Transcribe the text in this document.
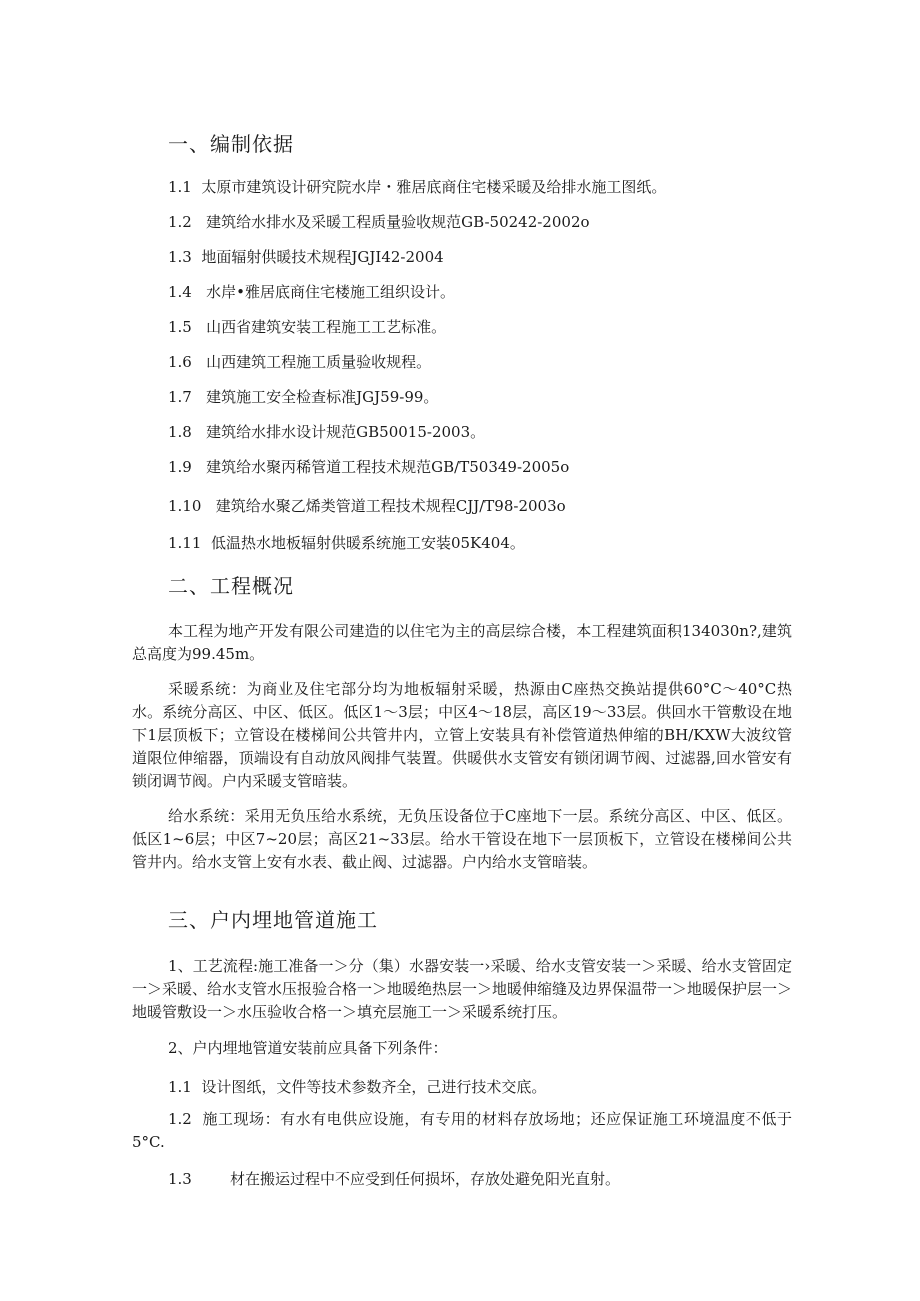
一、编制依据
1.1 太原市建筑设计研究院水岸・雅居底商住宅楼采暖及给排水施工图纸。
1.2 建筑给水排水及采暖工程质量验收规范GB-50242-2002o
1.3 地面辐射供暖技术规程JGJI42-2004
1.4 水岸•雅居底商住宅楼施工组织设计。
1.5 山西省建筑安装工程施工工艺标准。
1.6 山西建筑工程施工质量验收规程。
1.7 建筑施工安全检查标准JGJ59-99。
1.8 建筑给水排水设计规范GB50015-2003。
1.9 建筑给水聚丙稀管道工程技术规范GB/T50349-2005o
1.10 建筑给水聚乙烯类管道工程技术规程CJJ/T98-2003o
1.11 低温热水地板辐射供暖系统施工安装05K404。
二、工程概况

本工程为地产开发有限公司建造的以住宅为主的高层综合楼，本工程建筑面积134030n?,建筑总高度为99.45m。

采暖系统：为商业及住宅部分均为地板辐射采暖，热源由C座热交换站提供60°C～40°C热水。系统分高区、中区、低区。低区1～3层；中区4～18层，高区19～33层。供回水干管敷设在地下1层顶板下；立管设在楼梯间公共管井内，立管上安装具有补偿管道热伸缩的BH/KXW大波纹管道限位伸缩器，顶端设有自动放风阀排气装置。供暖供水支管安有锁闭调节阀、过滤器,回水管安有锁闭调节阀。户内采暖支管暗装。

给水系统：采用无负压给水系统，无负压设备位于C座地下一层。系统分高区、中区、低区。低区1~6层；中区7~20层；高区21~33层。给水干管设在地下一层顶板下，立管设在楼梯间公共管井内。给水支管上安有水表、截止阀、过滤器。户内给水支管暗装。

三、户内埋地管道施工

1、工艺流程:施工准备一＞分（集）水器安装一›采暖、给水支管安装一＞采暖、给水支管固定一＞采暖、给水支管水压报验合格一＞地暖绝热层一＞地暖伸缩缝及边界保温带一＞地暖保护层一＞地暖管敷设一＞水压验收合格一＞填充层施工一＞采暖系统打压。

2、户内埋地管道安装前应具备下列条件：

1.1 设计图纸，文件等技术参数齐全，己进行技术交底。

1.2 施工现场：有水有电供应设施，有专用的材料存放场地；还应保证施工环境温度不低于5°C.

1.3	材在搬运过程中不应受到任何损坏，存放处避免阳光直射。
